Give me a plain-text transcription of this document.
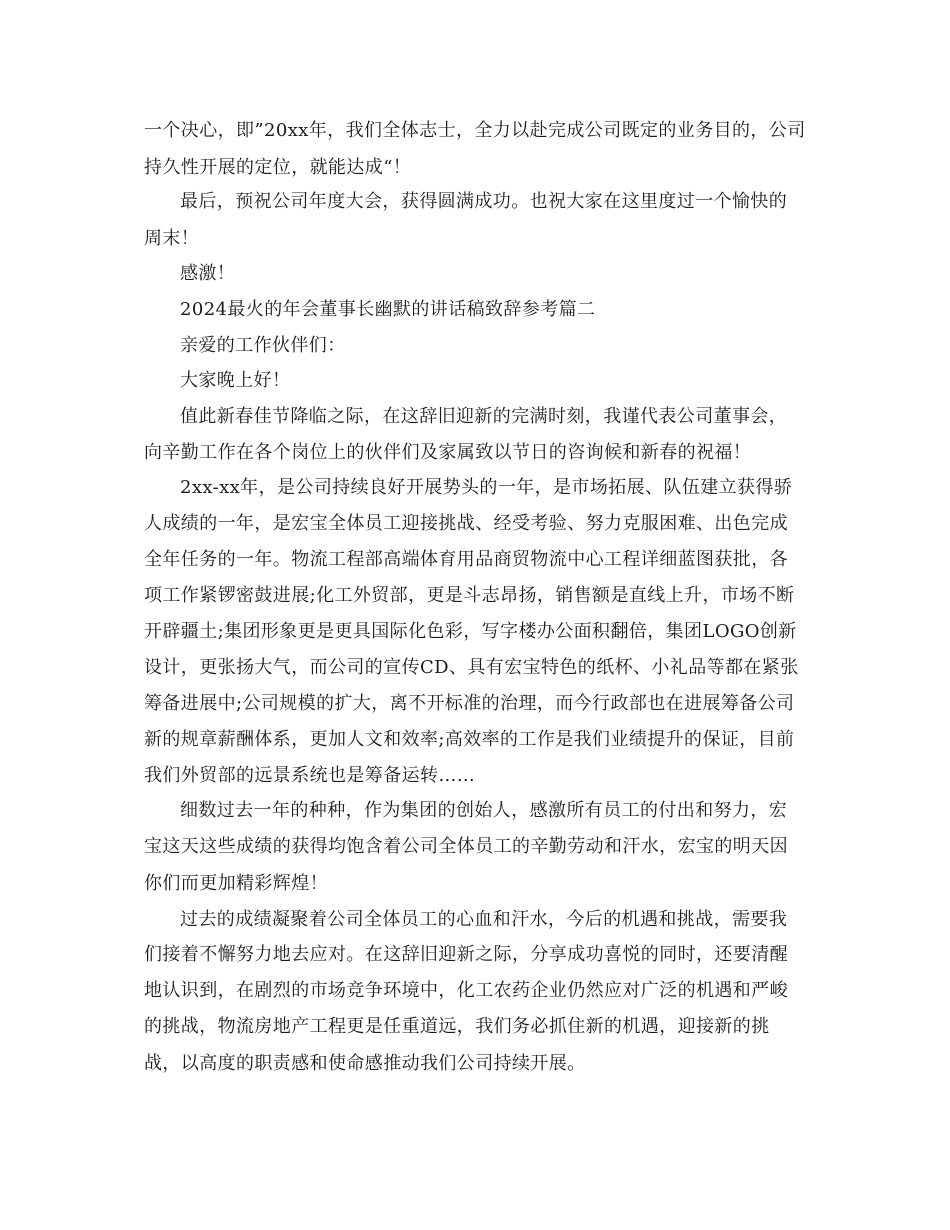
一个决心，即”20xx年，我们全体志士，全力以赴完成公司既定的业务目的，公司
持久性开展的定位，就能达成“！
最后，预祝公司年度大会，获得圆满成功。也祝大家在这里度过一个愉快的
周末！
感激！
2024最火的年会董事长幽默的讲话稿致辞参考篇二
亲爱的工作伙伴们：
大家晚上好！
值此新春佳节降临之际，在这辞旧迎新的完满时刻，我谨代表公司董事会，
向辛勤工作在各个岗位上的伙伴们及家属致以节日的咨询候和新春的祝福！
2xx-xx年，是公司持续良好开展势头的一年，是市场拓展、队伍建立获得骄
人成绩的一年，是宏宝全体员工迎接挑战、经受考验、努力克服困难、出色完成
全年任务的一年。物流工程部高端体育用品商贸物流中心工程详细蓝图获批，各
项工作紧锣密鼓进展;化工外贸部，更是斗志昂扬，销售额是直线上升，市场不断
开辟疆土;集团形象更是更具国际化色彩，写字楼办公面积翻倍，集团LOGO创新
设计，更张扬大气，而公司的宣传CD、具有宏宝特色的纸杯、小礼品等都在紧张
筹备进展中;公司规模的扩大，离不开标准的治理，而今行政部也在进展筹备公司
新的规章薪酬体系，更加人文和效率;高效率的工作是我们业绩提升的保证，目前
我们外贸部的远景系统也是筹备运转……
细数过去一年的种种，作为集团的创始人，感激所有员工的付出和努力，宏
宝这天这些成绩的获得均饱含着公司全体员工的辛勤劳动和汗水，宏宝的明天因
你们而更加精彩辉煌！
过去的成绩凝聚着公司全体员工的心血和汗水，今后的机遇和挑战，需要我
们接着不懈努力地去应对。在这辞旧迎新之际，分享成功喜悦的同时，还要清醒
地认识到，在剧烈的市场竞争环境中，化工农药企业仍然应对广泛的机遇和严峻
的挑战，物流房地产工程更是任重道远，我们务必抓住新的机遇，迎接新的挑
战，以高度的职责感和使命感推动我们公司持续开展。
